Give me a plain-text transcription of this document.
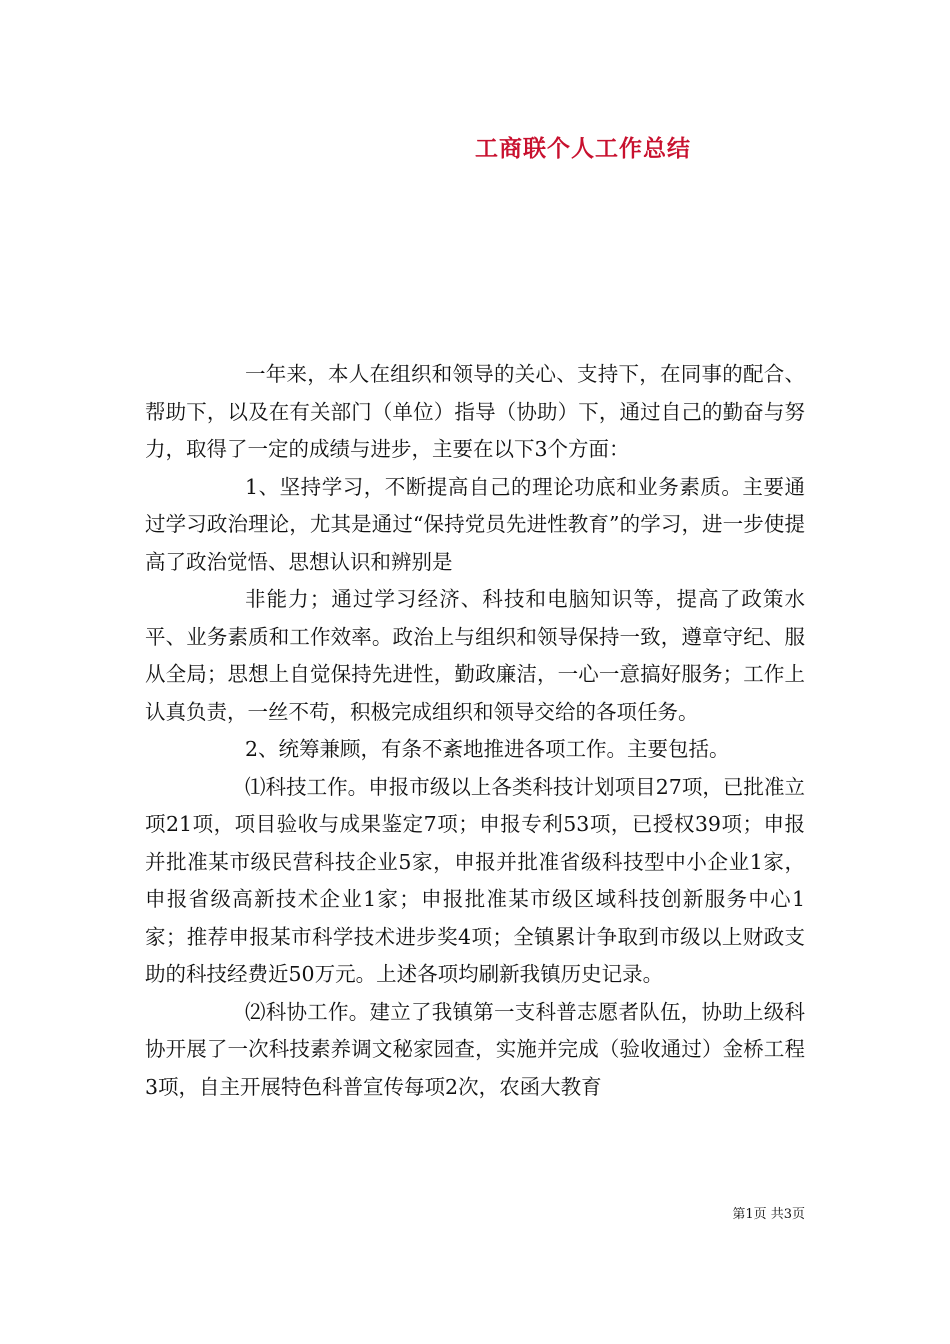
工商联个人工作总结

一年来，本人在组织和领导的关心、支持下，在同事的配合、帮助下，以及在有关部门（单位）指导（协助）下，通过自己的勤奋与努力，取得了一定的成绩与进步，主要在以下3个方面：

1、坚持学习，不断提高自己的理论功底和业务素质。主要通过学习政治理论，尤其是通过“保持党员先进性教育”的学习，进一步使提高了政治觉悟、思想认识和辨别是

非能力；通过学习经济、科技和电脑知识等，提高了政策水平、业务素质和工作效率。政治上与组织和领导保持一致，遵章守纪、服从全局；思想上自觉保持先进性，勤政廉洁，一心一意搞好服务；工作上认真负责，一丝不苟，积极完成组织和领导交给的各项任务。

2、统筹兼顾，有条不紊地推进各项工作。主要包括。

⑴科技工作。申报市级以上各类科技计划项目27项，已批准立项21项，项目验收与成果鉴定7项；申报专利53项，已授权39项；申报并批准某市级民营科技企业5家，申报并批准省级科技型中小企业1家，申报省级高新技术企业1家；申报批准某市级区域科技创新服务中心1家；推荐申报某市科学技术进步奖4项；全镇累计争取到市级以上财政支助的科技经费近50万元。上述各项均刷新我镇历史记录。

⑵科协工作。建立了我镇第一支科普志愿者队伍，协助上级科协开展了一次科技素养调文秘家园查，实施并完成（验收通过）金桥工程3项，自主开展特色科普宣传每项2次，农函大教育

第1页 共3页
